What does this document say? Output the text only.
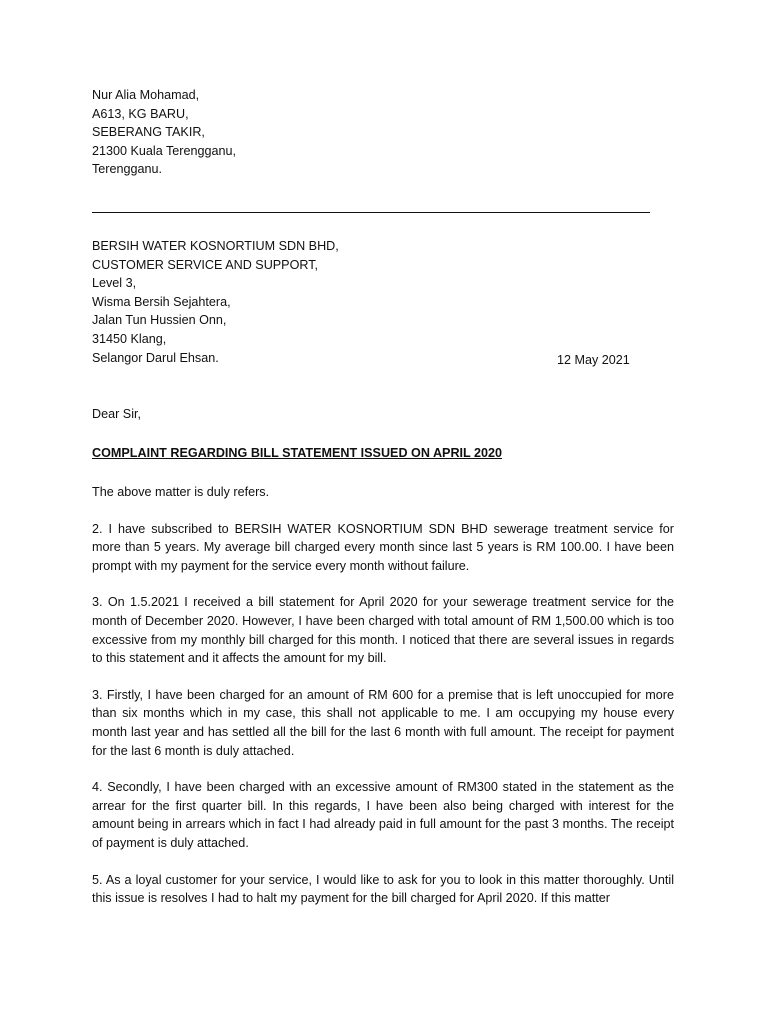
Nur Alia Mohamad,
A613, KG BARU,
SEBERANG TAKIR,
21300 Kuala Terengganu,
Terengganu.
BERSIH WATER KOSNORTIUM SDN BHD,
CUSTOMER SERVICE AND SUPPORT,
Level 3,
Wisma Bersih Sejahtera,
Jalan Tun Hussien Onn,
31450 Klang,
Selangor Darul Ehsan.	12 May 2021
Dear Sir,
COMPLAINT REGARDING BILL STATEMENT ISSUED ON APRIL 2020

The above matter is duly refers.

2. I have subscribed to BERSIH WATER KOSNORTIUM SDN BHD sewerage treatment service for more than 5 years. My average bill charged every month since last 5 years is RM 100.00. I have been prompt with my payment for the service every month without failure.

3. On 1.5.2021 I received a bill statement for April 2020 for your sewerage treatment service for the month of December 2020. However, I have been charged with total amount of RM 1,500.00 which is too excessive from my monthly bill charged for this month. I noticed that there are several issues in regards to this statement and it affects the amount for my bill.

3. Firstly, I have been charged for an amount of RM 600 for a premise that is left unoccupied for more than six months which in my case, this shall not applicable to me. I am occupying my house every month last year and has settled all the bill for the last 6 month with full amount. The receipt for payment for the last 6 month is duly attached.

4. Secondly, I have been charged with an excessive amount of RM300 stated in the statement as the arrear for the first quarter bill. In this regards, I have been also being charged with interest for the amount being in arrears which in fact I had already paid in full amount for the past 3 months. The receipt of payment is duly attached.

5. As a loyal customer for your service, I would like to ask for you to look in this matter thoroughly. Until this issue is resolves I had to halt my payment for the bill charged for April 2020. If this matter
